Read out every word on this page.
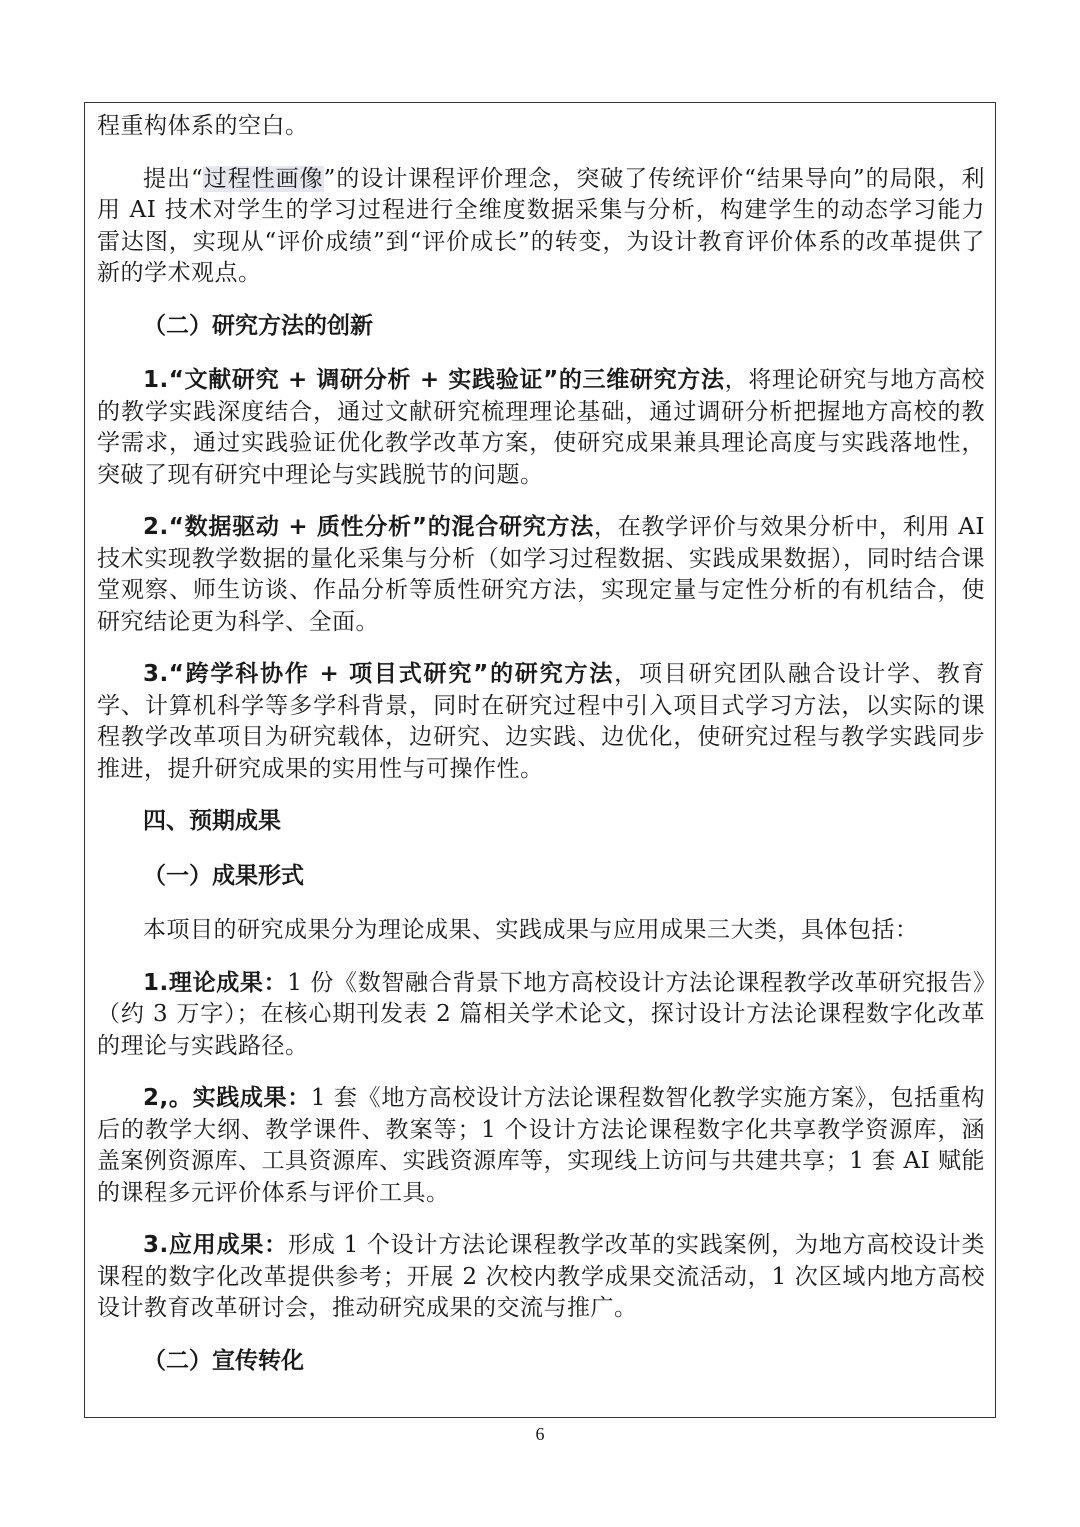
程重构体系的空白。

提出“过程性画像”的设计课程评价理念，突破了传统评价“结果导向”的局限，利用 AI 技术对学生的学习过程进行全维度数据采集与分析，构建学生的动态学习能力雷达图，实现从“评价成绩”到“评价成长”的转变，为设计教育评价体系的改革提供了新的学术观点。

（二）研究方法的创新

1.“文献研究 + 调研分析 + 实践验证”的三维研究方法，将理论研究与地方高校的教学实践深度结合，通过文献研究梳理理论基础，通过调研分析把握地方高校的教学需求，通过实践验证优化教学改革方案，使研究成果兼具理论高度与实践落地性，突破了现有研究中理论与实践脱节的问题。

2.“数据驱动 + 质性分析”的混合研究方法，在教学评价与效果分析中，利用 AI 技术实现教学数据的量化采集与分析（如学习过程数据、实践成果数据），同时结合课堂观察、师生访谈、作品分析等质性研究方法，实现定量与定性分析的有机结合，使研究结论更为科学、全面。

3.“跨学科协作 + 项目式研究”的研究方法，项目研究团队融合设计学、教育学、计算机科学等多学科背景，同时在研究过程中引入项目式学习方法，以实际的课程教学改革项目为研究载体，边研究、边实践、边优化，使研究过程与教学实践同步推进，提升研究成果的实用性与可操作性。

四、预期成果

（一）成果形式

本项目的研究成果分为理论成果、实践成果与应用成果三大类，具体包括：

1.理论成果：1 份《数智融合背景下地方高校设计方法论课程教学改革研究报告》（约 3 万字）；在核心期刊发表 2 篇相关学术论文，探讨设计方法论课程数字化改革的理论与实践路径。

2,。实践成果：1 套《地方高校设计方法论课程数智化教学实施方案》，包括重构后的教学大纲、教学课件、教案等；1 个设计方法论课程数字化共享教学资源库，涵盖案例资源库、工具资源库、实践资源库等，实现线上访问与共建共享；1 套 AI 赋能的课程多元评价体系与评价工具。

3.应用成果：形成 1 个设计方法论课程教学改革的实践案例，为地方高校设计类课程的数字化改革提供参考；开展 2 次校内教学成果交流活动，1 次区域内地方高校设计教育改革研讨会，推动研究成果的交流与推广。

（二）宣传转化

6
